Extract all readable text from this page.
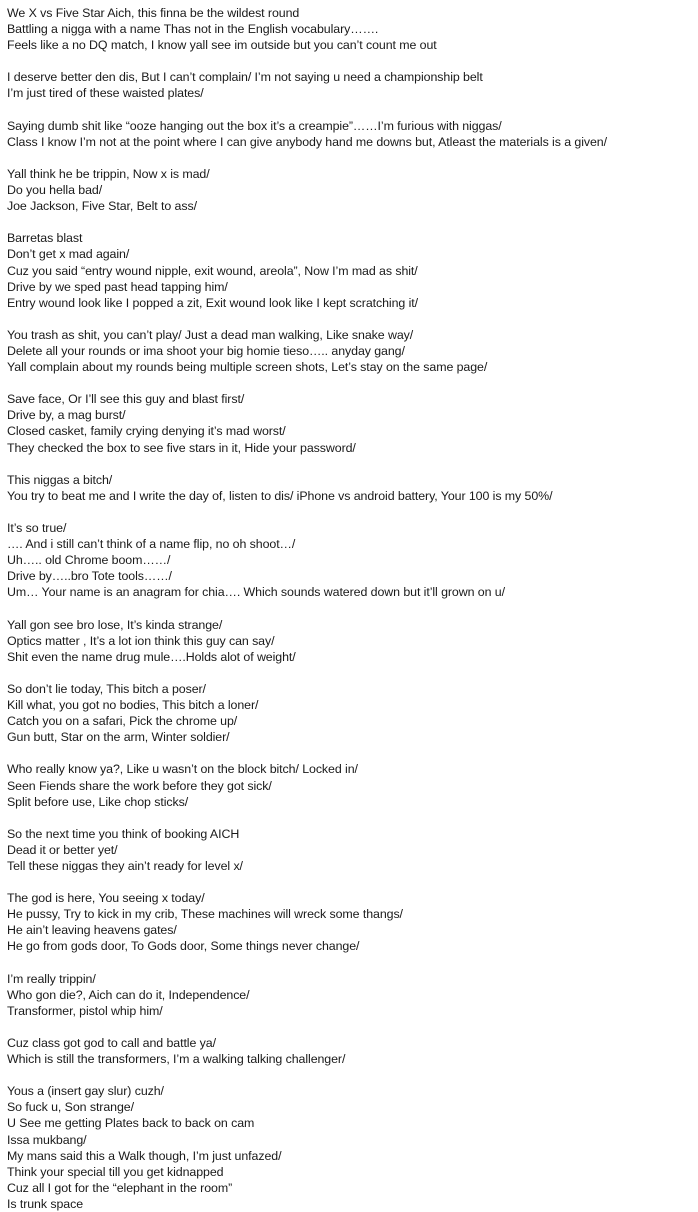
We X vs Five Star Aich, this finna be the wildest round
Battling a nigga with a name Thas not in the English vocabulary…….
Feels like a no DQ match, I know yall see im outside but you can’t count me out
I deserve better den dis, But I can’t complain/ I’m not saying u need a championship belt
I’m just tired of these waisted plates/
Saying dumb shit like “ooze hanging out the box it’s a creampie”……I’m furious with niggas/
Class I know I’m not at the point where I can give anybody hand me downs but, Atleast the materials is a given/
Yall think he be trippin, Now x is mad/
Do you hella bad/
Joe Jackson, Five Star, Belt to ass/
Barretas blast
Don’t get x mad again/
Cuz you said “entry wound nipple, exit wound, areola”, Now I’m mad as shit/
Drive by we sped past head tapping him/
Entry wound look like I popped a zit, Exit wound look like I kept scratching it/
You trash as shit, you can’t play/ Just a dead man walking, Like snake way/
Delete all your rounds or ima shoot your big homie tieso….. anyday gang/
Yall complain about my rounds being multiple screen shots, Let’s stay on the same page/
Save face, Or I’ll see this guy and blast first/
Drive by, a mag burst/
Closed casket, family crying denying it’s mad worst/
They checked the box to see five stars in it, Hide your password/
This niggas a bitch/
You try to beat me and I write the day of, listen to dis/ iPhone vs android battery, Your 100 is my 50%/
It’s so true/
…. And i still can’t think of a name flip, no oh shoot…/
Uh….. old Chrome boom……/
Drive by…..bro Tote tools……/
Um… Your name is an anagram for chia…. Which sounds watered down but it’ll grown on u/
Yall gon see bro lose, It’s kinda strange/
Optics matter , It’s a lot ion think this guy can say/
Shit even the name drug mule….Holds alot of weight/
So don’t lie today, This bitch a poser/
Kill what, you got no bodies, This bitch a loner/
Catch you on a safari, Pick the chrome up/
Gun butt, Star on the arm, Winter soldier/
Who really know ya?, Like u wasn’t on the block bitch/ Locked in/
Seen Fiends share the work before they got sick/
Split before use, Like chop sticks/
So the next time you think of booking AICH
Dead it or better yet/
Tell these niggas they ain’t ready for level x/
The god is here, You seeing x today/
He pussy, Try to kick in my crib, These machines will wreck some thangs/
He ain’t leaving heavens gates/
He go from gods door, To Gods door, Some things never change/
I’m really trippin/
Who gon die?, Aich can do it, Independence/
Transformer, pistol whip him/
Cuz class got god to call and battle ya/
Which is still the transformers, I’m a walking talking challenger/
Yous a (insert gay slur) cuzh/
So fuck u, Son strange/
U See me getting Plates back to back on cam
Issa mukbang/
My mans said this a Walk though, I’m just unfazed/
Think your special till you get kidnapped
Cuz all I got for the “elephant in the room”
Is trunk space
